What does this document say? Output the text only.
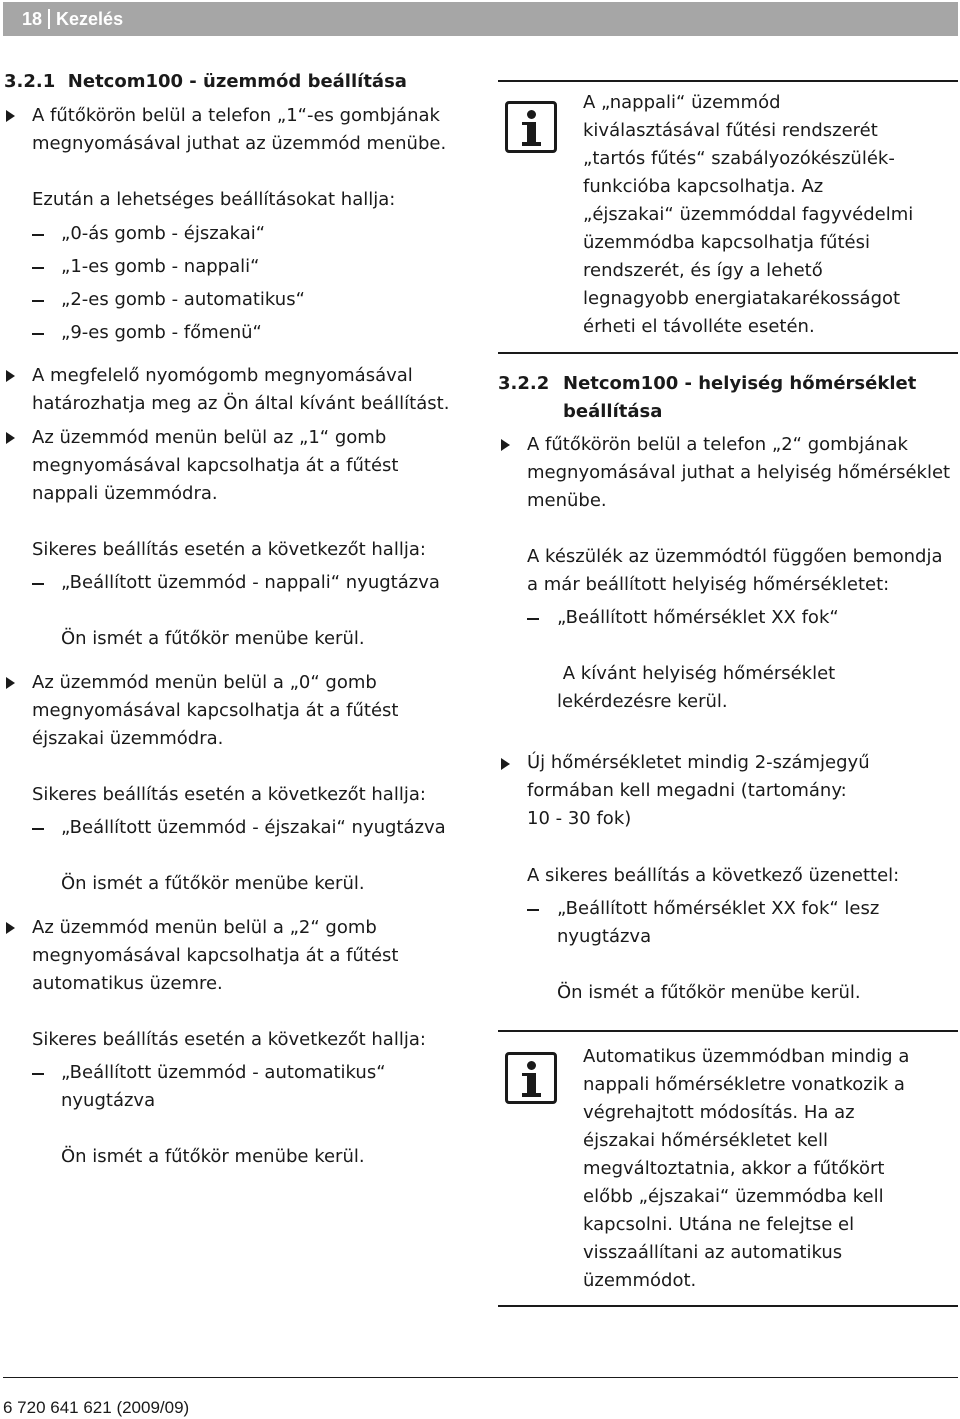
18 Kezelés

3.2.1 Netcom100 - üzemmód beállítása

A fűtőkörön belül a telefon „1“-es gombjának
megnyomásával juthat az üzemmód menübe.

Ezután a lehetséges beállításokat hallja:

„0-ás gomb - éjszakai“

„1-es gomb - nappali“

„2-es gomb - automatikus“

„9-es gomb - főmenü“

A megfelelő nyomógomb megnyomásával
határozhatja meg az Ön által kívánt beállítást.

Az üzemmód menün belül az „1“ gomb
megnyomásával kapcsolhatja át a fűtést
nappali üzemmódra.

Sikeres beállítás esetén a következőt hallja:

„Beállított üzemmód - nappali“ nyugtázva

Ön ismét a fűtőkör menübe kerül.

Az üzemmód menün belül a „0“ gomb
megnyomásával kapcsolhatja át a fűtést
éjszakai üzemmódra.

Sikeres beállítás esetén a következőt hallja:

„Beállított üzemmód - éjszakai“ nyugtázva

Ön ismét a fűtőkör menübe kerül.

Az üzemmód menün belül a „2“ gomb
megnyomásával kapcsolhatja át a fűtést
automatikus üzemre.

Sikeres beállítás esetén a következőt hallja:

„Beállított üzemmód - automatikus“
nyugtázva

Ön ismét a fűtőkör menübe kerül.

A „nappali“ üzemmód
kiválasztásával fűtési rendszerét
„tartós fűtés“ szabályozókészülék-
funkcióba kapcsolhatja. Az
„éjszakai“ üzemmóddal fagyvédelmi
üzemmódba kapcsolhatja fűtési
rendszerét, és így a lehető
legnagyobb energiatakarékosságot
érheti el távolléte esetén.

3.2.2 Netcom100 - helyiség hőmérséklet
beállítása

A fűtőkörön belül a telefon „2“ gombjának
megnyomásával juthat a helyiség hőmérséklet
menübe.

A készülék az üzemmódtól függően bemondja
a már beállított helyiség hőmérsékletet:

„Beállított hőmérséklet XX fok“

A kívánt helyiség hőmérséklet
lekérdezésre kerül.

Új hőmérsékletet mindig 2-számjegyű
formában kell megadni (tartomány:
10 - 30 fok)

A sikeres beállítás a következő üzenettel:

„Beállított hőmérséklet XX fok“ lesz
nyugtázva

Ön ismét a fűtőkör menübe kerül.

Automatikus üzemmódban mindig a
nappali hőmérsékletre vonatkozik a
végrehajtott módosítás. Ha az
éjszakai hőmérsékletet kell
megváltoztatnia, akkor a fűtőkört
előbb „éjszakai“ üzemmódba kell
kapcsolni. Utána ne felejtse el
visszaállítani az automatikus
üzemmódot.

6 720 641 621 (2009/09)
